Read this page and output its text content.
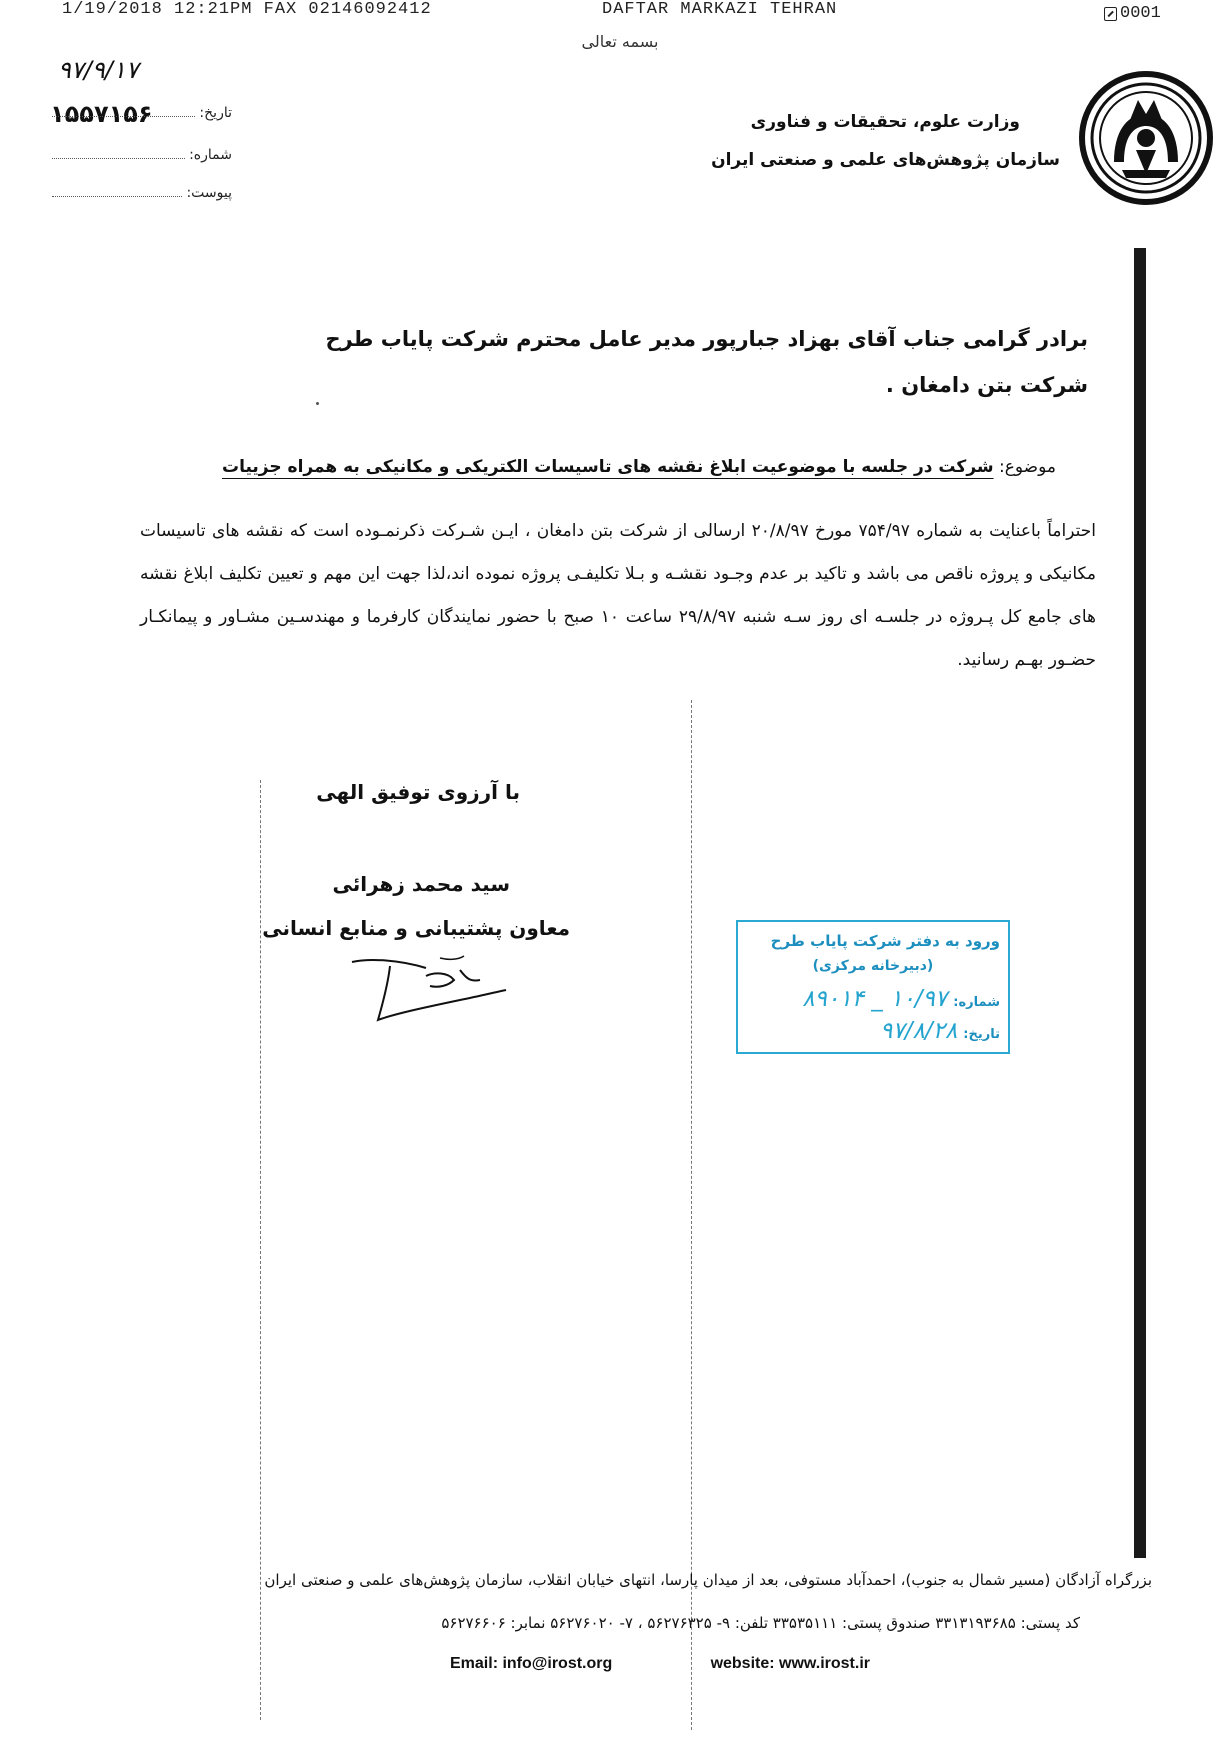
1/19/2018 12:21PM FAX 02146092412	DAFTAR MARKAZI TEHRAN	0001
بسمه تعالی
۹۷/۹/۱۷
۱۵۵۷۱۵۶	تاریخ:
شماره:
پیوست:
وزارت علوم، تحقیقات و فناوری
سازمان پژوهش‌های علمی و صنعتی ایران
برادر گرامی جناب آقای بهزاد جبارپور مدیر عامل محترم شرکت پایاب طرح شرکت بتن دامغان .
موضوع: شرکت در جلسه با موضوعیت ابلاغ نقشه های تاسیسات الکتریکی و مکانیکی به همراه جزییات
احتراماً باعنایت به شماره ۷۵۴/۹۷ مورخ ۲۰/۸/۹۷ ارسالی از شرکت بتن دامغان ، ایـن شـرکت ذکرنمـوده است که نقشه های تاسیسات مکانیکی و پروژه ناقص می باشد و تاکید بر عدم وجـود نقشـه و بـلا تکلیفـی پروژه نموده اند،لذا جهت این مهم و تعیین تکلیف ابلاغ نقشه های جامع کل پـروژه در جلسـه ای روز سـه شنبه ۲۹/۸/۹۷ ساعت ۱۰ صبح با حضور نمایندگان کارفرما و مهندسـین مشـاور و پیمانکـار حضـور بهـم رسانید.
با آرزوی توفیق الهی
سید محمد زهرائی
معاون پشتیبانی و منابع انسانی
ورود به دفتر شرکت پایاب طرح
(دبیرخانه مرکزی)
شماره:
۸۹۰۱۴ _ ۱۰/۹۷
تاریخ:
۹۷/۸/۲۸
بزرگراه آزادگان (مسیر شمال به جنوب)، احمدآباد مستوفی، بعد از میدان پارسا، انتهای خیابان انقلاب، سازمان پژوهش‌های علمی و صنعتی ایران
کد پستی: ۳۳۱۳۱۹۳۶۸۵ صندوق پستی: ۳۳۵۳۵۱۱۱ تلفن: ۹- ۵۶۲۷۶۳۲۵ ، ۷- ۵۶۲۷۶۰۲۰ نمابر: ۵۶۲۷۶۶۰۶
Email: info@irost.org	website: www.irost.ir
